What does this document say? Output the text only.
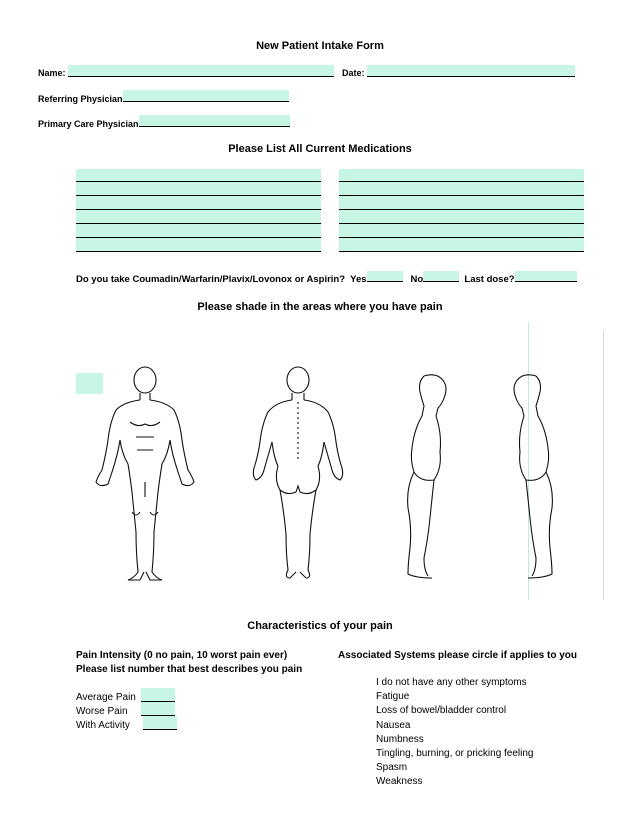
New Patient Intake Form
Name:	Date:
Referring Physician
Primary Care Physician
Please List All Current Medications
Do you take Coumadin/Warfarin/Plavix/Lovonox or Aspirin? Yes	No	Last dose?
Please shade in the areas where you have pain
Characteristics of your pain
Pain Intensity (0 no pain, 10 worst pain ever)
Please list number that best describes you pain
Average Pain
Worse Pain
With Activity
Associated Systems please circle if applies to you
I do not have any other symptoms
Fatigue
Loss of bowel/bladder control
Nausea
Numbness
Tingling, burning, or pricking feeling
Spasm
Weakness
